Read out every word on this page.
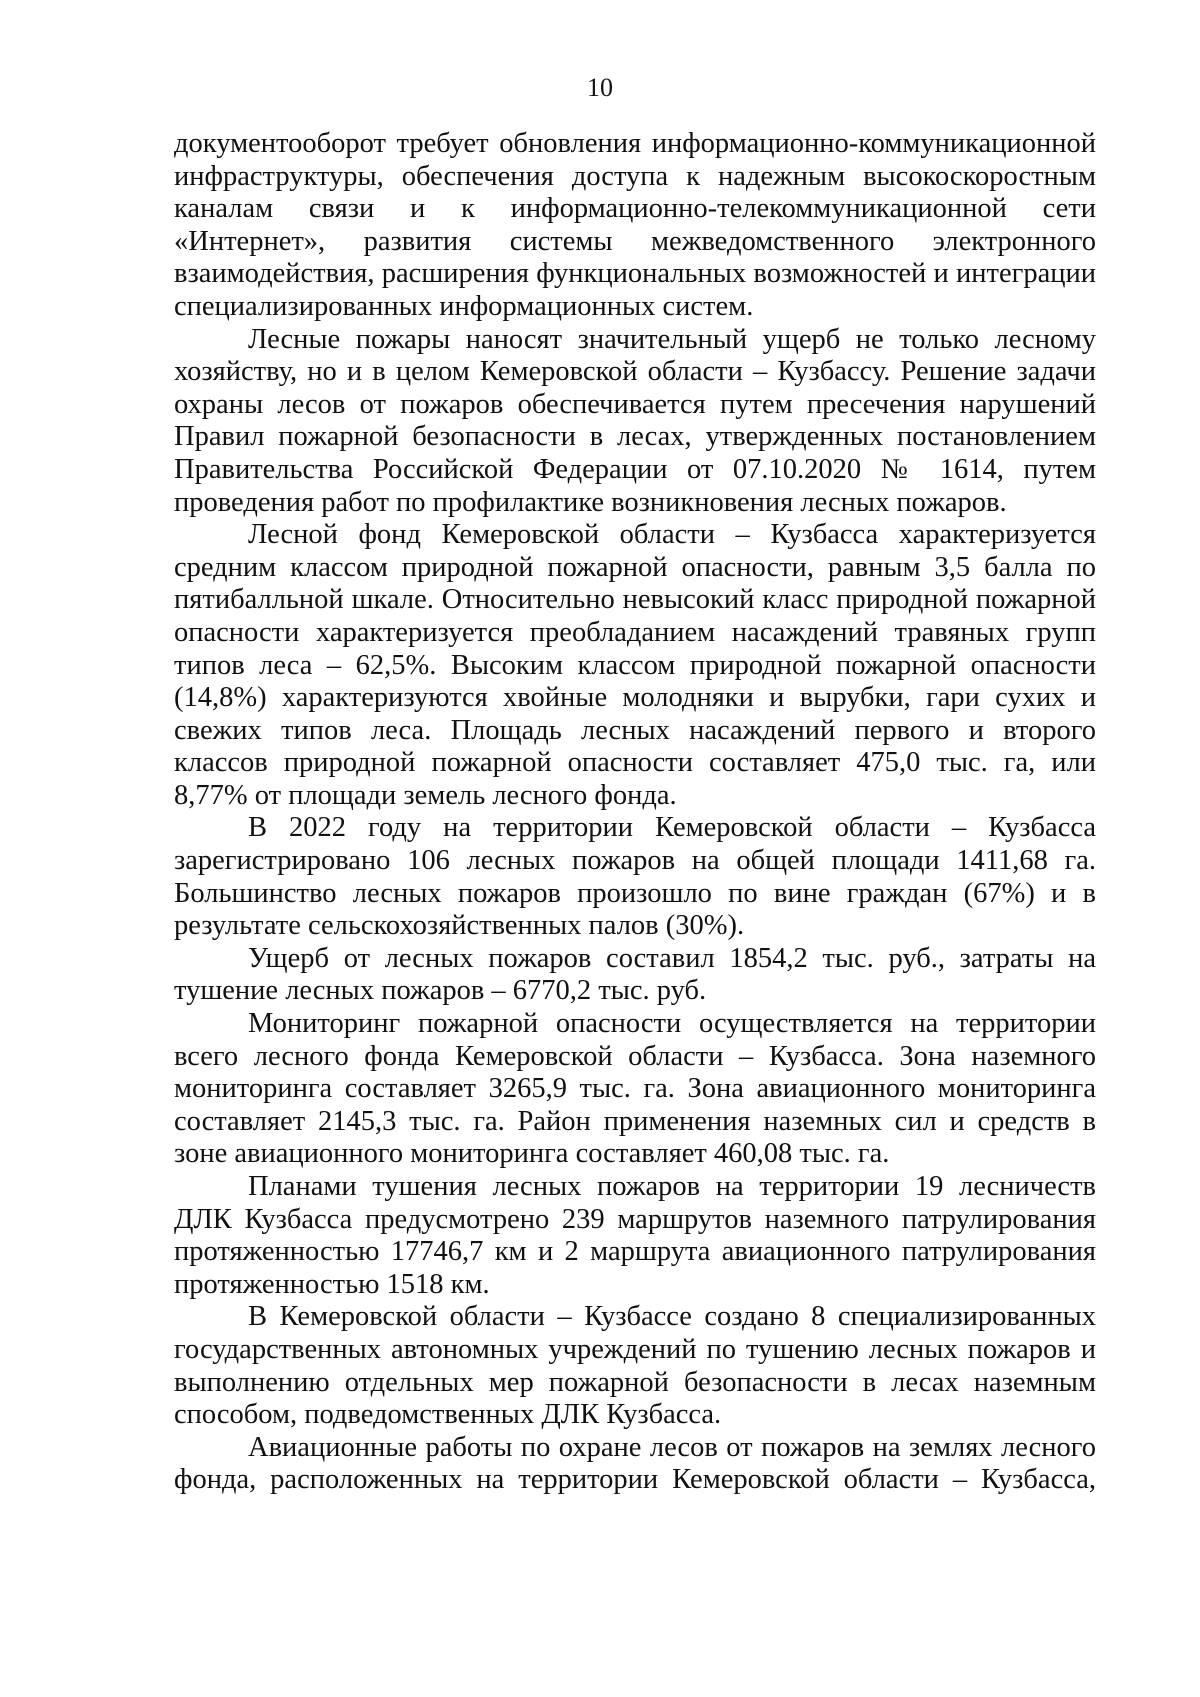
10

документооборот требует обновления информационно-коммуникационной инфраструктуры, обеспечения доступа к надежным высокоскоростным каналам связи и к информационно-телекоммуникационной сети «Интернет», развития системы межведомственного электронного взаимодействия, расширения функциональных возможностей и интеграции специализированных информационных систем.

Лесные пожары наносят значительный ущерб не только лесному хозяйству, но и в целом Кемеровской области – Кузбассу. Решение задачи охраны лесов от пожаров обеспечивается путем пресечения нарушений Правил пожарной безопасности в лесах, утвержденных постановлением Правительства Российской Федерации от 07.10.2020 № 1614, путем проведения работ по профилактике возникновения лесных пожаров.

Лесной фонд Кемеровской области – Кузбасса характеризуется средним классом природной пожарной опасности, равным 3,5 балла по пятибалльной шкале. Относительно невысокий класс природной пожарной опасности характеризуется преобладанием насаждений травяных групп типов леса – 62,5%. Высоким классом природной пожарной опасности (14,8%) характеризуются хвойные молодняки и вырубки, гари сухих и свежих типов леса. Площадь лесных насаждений первого и второго классов природной пожарной опасности составляет 475,0 тыс. га, или 8,77% от площади земель лесного фонда.

В 2022 году на территории Кемеровской области – Кузбасса зарегистрировано 106 лесных пожаров на общей площади 1411,68 га. Большинство лесных пожаров произошло по вине граждан (67%) и в результате сельскохозяйственных палов (30%).

Ущерб от лесных пожаров составил 1854,2 тыс. руб., затраты на тушение лесных пожаров – 6770,2 тыс. руб.

Мониторинг пожарной опасности осуществляется на территории всего лесного фонда Кемеровской области – Кузбасса. Зона наземного мониторинга составляет 3265,9 тыс. га. Зона авиационного мониторинга составляет 2145,3 тыс. га. Район применения наземных сил и средств в зоне авиационного мониторинга составляет 460,08 тыс. га.

Планами тушения лесных пожаров на территории 19 лесничеств ДЛК Кузбасса предусмотрено 239 маршрутов наземного патрулирования протяженностью 17746,7 км и 2 маршрута авиационного патрулирования протяженностью 1518 км.

В Кемеровской области – Кузбассе создано 8 специализированных государственных автономных учреждений по тушению лесных пожаров и выполнению отдельных мер пожарной безопасности в лесах наземным способом, подведомственных ДЛК Кузбасса.

Авиационные работы по охране лесов от пожаров на землях лесного фонда, расположенных на территории Кемеровской области – Кузбасса,
